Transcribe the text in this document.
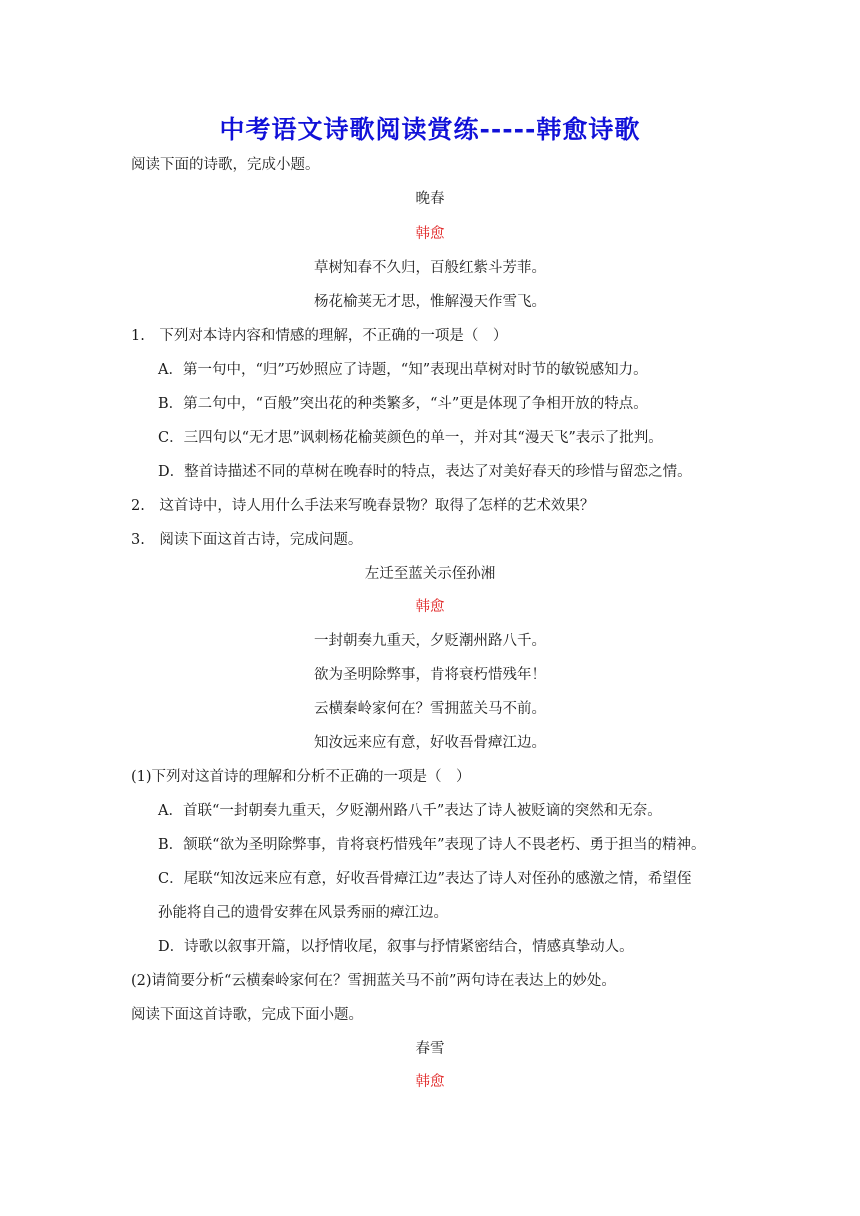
中考语文诗歌阅读赏练-----韩愈诗歌
阅读下面的诗歌，完成小题。
晚春
韩愈
草树知春不久归，百般红紫斗芳菲。
杨花榆荚无才思，惟解漫天作雪飞。
1.　下列对本诗内容和情感的理解，不正确的一项是（　）
A．第一句中，“归”巧妙照应了诗题，“知”表现出草树对时节的敏锐感知力。
B．第二句中，“百般”突出花的种类繁多，“斗”更是体现了争相开放的特点。
C．三四句以“无才思”讽刺杨花榆荚颜色的单一，并对其“漫天飞”表示了批判。
D．整首诗描述不同的草树在晚春时的特点，表达了对美好春天的珍惜与留恋之情。
2.　这首诗中，诗人用什么手法来写晚春景物？取得了怎样的艺术效果？
3.　阅读下面这首古诗，完成问题。
左迁至蓝关示侄孙湘
韩愈
一封朝奏九重天，夕贬潮州路八千。
欲为圣明除弊事，肯将衰朽惜残年！
云横秦岭家何在？雪拥蓝关马不前。
知汝远来应有意，好收吾骨瘴江边。
(1)下列对这首诗的理解和分析不正确的一项是（　）
A．首联“一封朝奏九重天，夕贬潮州路八千”表达了诗人被贬谪的突然和无奈。
B．颔联“欲为圣明除弊事，肯将衰朽惜残年”表现了诗人不畏老朽、勇于担当的精神。
C．尾联“知汝远来应有意，好收吾骨瘴江边”表达了诗人对侄孙的感激之情，希望侄
孙能将自己的遗骨安葬在风景秀丽的瘴江边。
D．诗歌以叙事开篇，以抒情收尾，叙事与抒情紧密结合，情感真挚动人。
(2)请简要分析“云横秦岭家何在？雪拥蓝关马不前”两句诗在表达上的妙处。
阅读下面这首诗歌，完成下面小题。
春雪
韩愈
